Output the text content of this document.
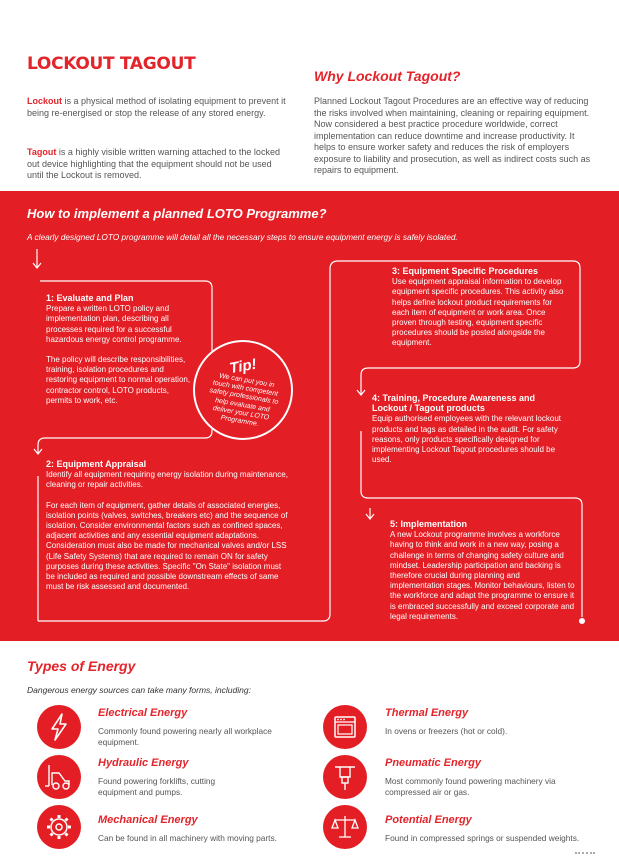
LOCKOUT TAGOUT
Why Lockout Tagout?
Lockout is a physical method of isolating equipment to prevent it being re-energised or stop the release of any stored energy.
Tagout is a highly visible written warning attached to the locked out device highlighting that the equipment should not be used until the Lockout is removed.
Planned Lockout Tagout Procedures are an effective way of reducing the risks involved when maintaining, cleaning or repairing equipment. Now considered a best practice procedure worldwide, correct implementation can reduce downtime and increase productivity. It helps to ensure worker safety and reduces the risk of employers exposure to liability and prosecution, as well as indirect costs such as repairs to equipment.
How to implement a planned LOTO Programme?
A clearly designed LOTO programme will detail all the necessary steps to ensure equipment energy is safely isolated.
1: Evaluate and Plan

Prepare a written LOTO policy and implementation plan, describing all processes required for a successful hazardous energy control programme.

The policy will describe responsibilities, training, isolation procedures and restoring equipment to normal operation, contractor control, LOTO products, permits to work, etc.

2: Equipment Appraisal

Identify all equipment requiring energy isolation during maintenance, cleaning or repair activities.

For each item of equipment, gather details of associated energies, isolation points (valves, switches, breakers etc) and the sequence of isolation. Consider environmental factors such as confined spaces, adjacent activities and any essential equipment adaptations. Consideration must also be made for mechanical valves and/or LSS (Life Safety Systems) that are required to remain ON for safety purposes during these activities. Specific "On State" isolation must be included as required and possible downstream effects of same must be risk assessed and documented.

3: Equipment Specific Procedures

Use equipment appraisal information to develop equipment specific procedures. This activity also helps define lockout product requirements for each item of equipment or work area. Once proven through testing, equipment specific procedures should be posted alongside the equipment.

4: Training, Procedure Awareness and Lockout / Tagout products

Equip authorised employees with the relevant lockout products and tags as detailed in the audit. For safety reasons, only products specifically designed for implementing Lockout Tagout procedures should be used.

5: Implementation

A new Lockout programme involves a workforce having to think and work in a new way, posing a challenge in terms of changing safety culture and mindset. Leadership participation and backing is therefore crucial during planning and implementation stages. Monitor behaviours, listen to the workforce and adapt the programme to ensure it is embraced successfully and exceed corporate and legal requirements.

Tip!
We can put you in touch with competent safety professionals to help evaluate and deliver your LOTO Programme.
Types of Energy
Dangerous energy sources can take many forms, including:
Electrical Energy
Commonly found powering nearly all workplace equipment.
Thermal Energy
In ovens or freezers (hot or cold).
Hydraulic Energy
Found powering forklifts, cutting equipment and pumps.
Pneumatic Energy
Most commonly found powering machinery via compressed air or gas.
Mechanical Energy
Can be found in all machinery with moving parts.
Potential Energy
Found in compressed springs or suspended weights.
